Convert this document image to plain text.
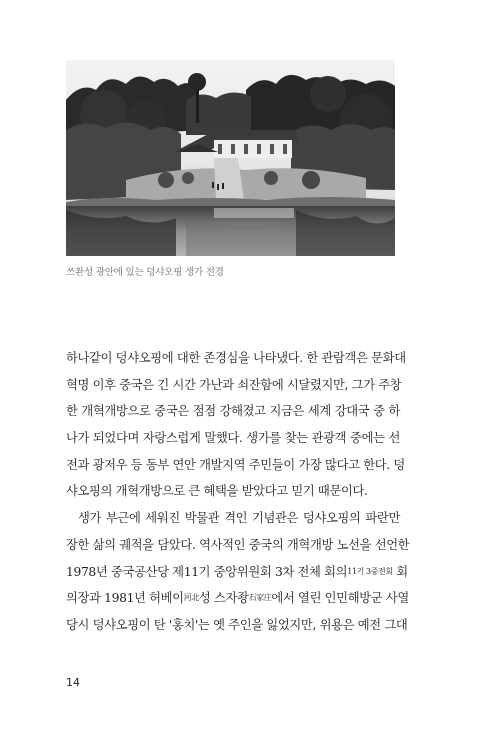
쓰촨성 광안에 있는 덩샤오핑 생가 전경
하나같이 덩샤오핑에 대한 존경심을 나타냈다. 한 관람객은 문화대
혁명 이후 중국은 긴 시간 가난과 쇠잔함에 시달렸지만, 그가 주창
한 개혁개방으로 중국은 점점 강해졌고 지금은 세계 강대국 중 하
나가 되었다며 자랑스럽게 말했다. 생가를 찾는 관광객 중에는 선
전과 광저우 등 동부 연안 개발지역 주민들이 가장 많다고 한다. 덩
샤오핑의 개혁개방으로 큰 혜택을 받았다고 믿기 때문이다.
생가 부근에 세워진 박물관 격인 기념관은 덩샤오핑의 파란만
장한 삶의 궤적을 담았다. 역사적인 중국의 개혁개방 노선을 선언한
1978년 중국공산당 제11기 중앙위원회 3차 전체 회의11기 3중전회 회
의장과 1981년 허베이河北성 스자좡石家庄에서 열린 인민해방군 사열
당시 덩샤오핑이 탄 '홍치'는 옛 주인을 잃었지만, 위용은 예전 그대
14
